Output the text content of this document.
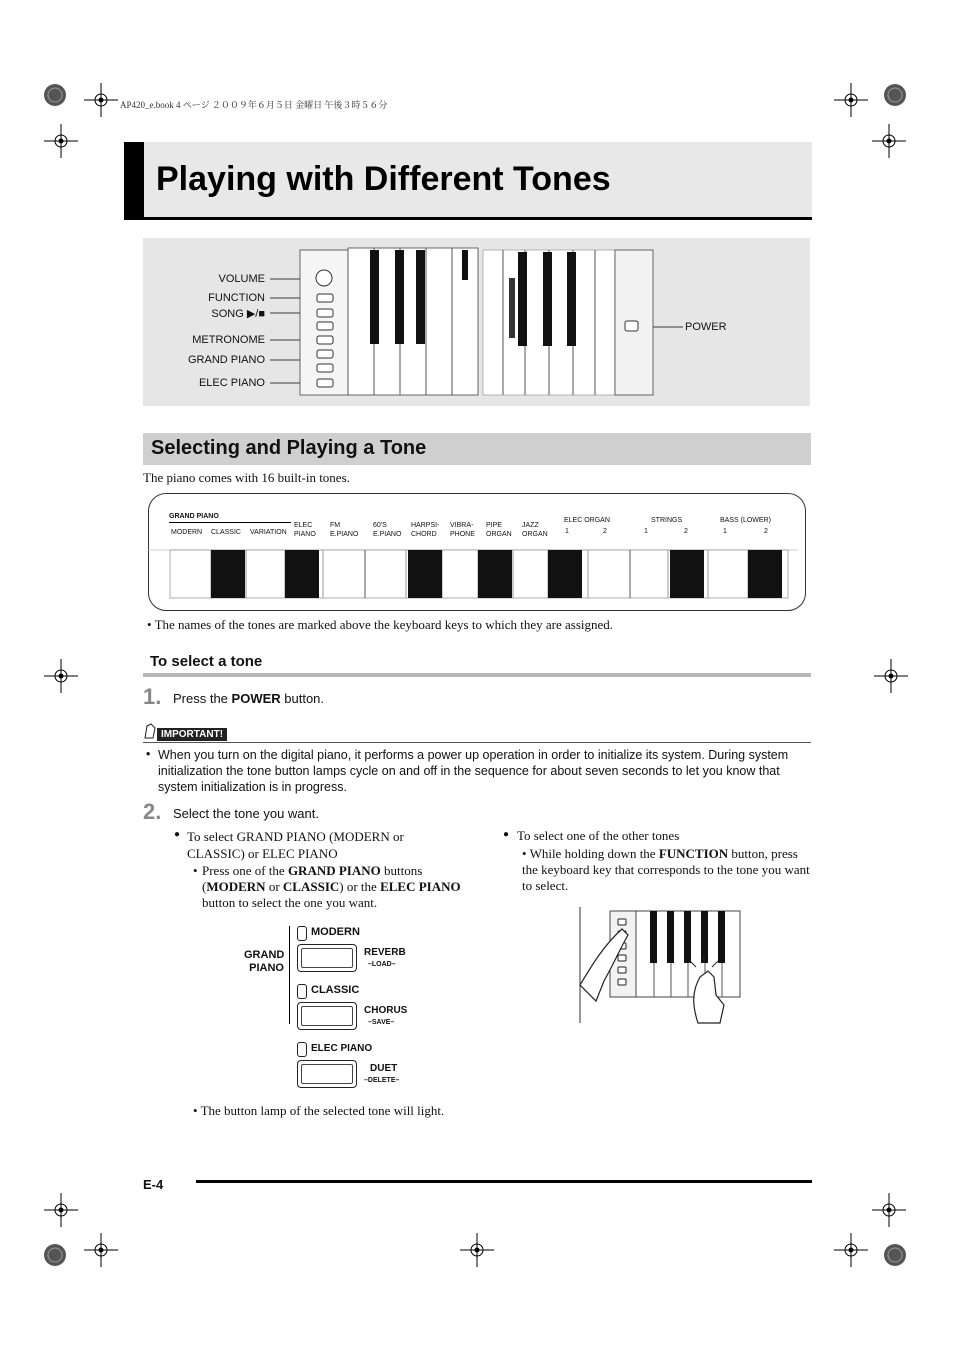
AP420_e.book 4 ページ ２００９年６月５日 金曜日 午後３時５６分
Playing with Different Tones
VOLUME
FUNCTION
SONG ▶/■
METRONOME
GRAND PIANO
ELEC PIANO
POWER
Selecting and Playing a Tone
The piano comes with 16 built-in tones.
GRAND PIANO
MODERN CLASSIC VARIATION
ELEC
PIANO
FM
E.PIANO
60'S
E.PIANO
HARPSI-
CHORD
VIBRA-
PHONE
PIPE
ORGAN
JAZZ
ORGAN
ELEC ORGAN
1	2
STRINGS
1	2
BASS (LOWER)
1	2
• The names of the tones are marked above the keyboard keys to which they are assigned.
To select a tone
1. Press the POWER button.
IMPORTANT!
• When you turn on the digital piano, it performs a power up operation in order to initialize its system. During system initialization the tone button lamps cycle on and off in the sequence for about seven seconds to let you know that system initialization is in progress.
2. Select the tone you want.
● To select GRAND PIANO (MODERN or CLASSIC) or ELEC PIANO
• Press one of the GRAND PIANO buttons (MODERN or CLASSIC) or the ELEC PIANO button to select the one you want.
GRAND
PIANO
MODERN
REVERB
–LOAD–
CLASSIC
CHORUS
–SAVE–
ELEC PIANO
DUET
–DELETE–
• The button lamp of the selected tone will light.
● To select one of the other tones
• While holding down the FUNCTION button, press the keyboard key that corresponds to the tone you want to select.
E-4
